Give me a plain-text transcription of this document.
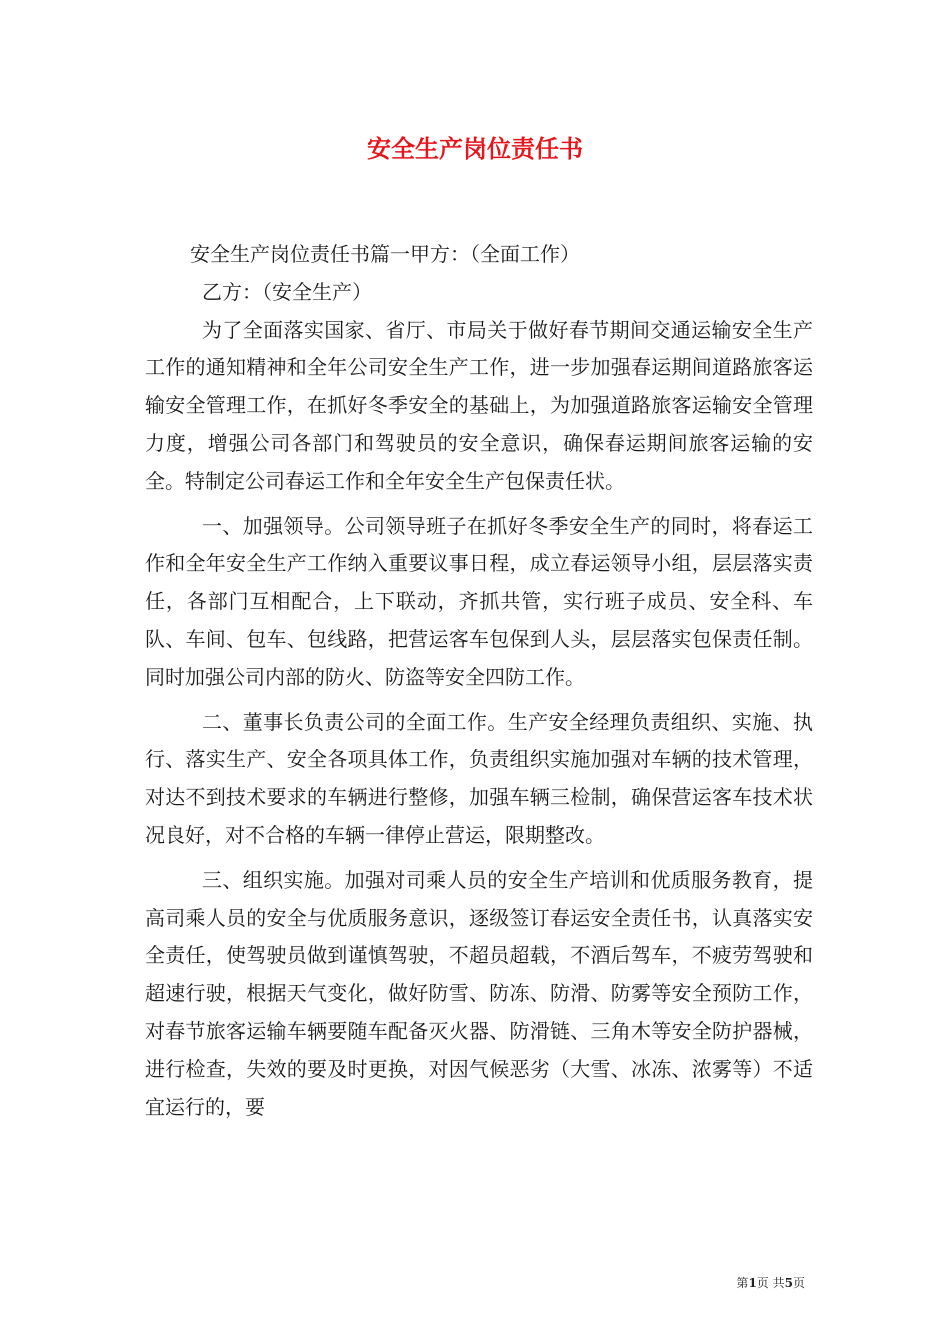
安全生产岗位责任书

安全生产岗位责任书篇一甲方：（全面工作）

乙方：（安全生产）

为了全面落实国家、省厅、市局关于做好春节期间交通运输安全生产工作的通知精神和全年公司安全生产工作，进一步加强春运期间道路旅客运输安全管理工作，在抓好冬季安全的基础上，为加强道路旅客运输安全管理力度，增强公司各部门和驾驶员的安全意识，确保春运期间旅客运输的安全。特制定公司春运工作和全年安全生产包保责任状。

一、加强领导。公司领导班子在抓好冬季安全生产的同时，将春运工作和全年安全生产工作纳入重要议事日程，成立春运领导小组，层层落实责任，各部门互相配合，上下联动，齐抓共管，实行班子成员、安全科、车队、车间、包车、包线路，把营运客车包保到人头，层层落实包保责任制。同时加强公司内部的防火、防盗等安全四防工作。

二、董事长负责公司的全面工作。生产安全经理负责组织、实施、执行、落实生产、安全各项具体工作，负责组织实施加强对车辆的技术管理，对达不到技术要求的车辆进行整修，加强车辆三检制，确保营运客车技术状况良好，对不合格的车辆一律停止营运，限期整改。

三、组织实施。加强对司乘人员的安全生产培训和优质服务教育，提高司乘人员的安全与优质服务意识，逐级签订春运安全责任书，认真落实安全责任，使驾驶员做到谨慎驾驶，不超员超载，不酒后驾车，不疲劳驾驶和超速行驶，根据天气变化，做好防雪、防冻、防滑、防雾等安全预防工作，对春节旅客运输车辆要随车配备灭火器、防滑链、三角木等安全防护器械，进行检查，失效的要及时更换，对因气候恶劣（大雪、冰冻、浓雾等）不适宜运行的，要

第1页 共5页
